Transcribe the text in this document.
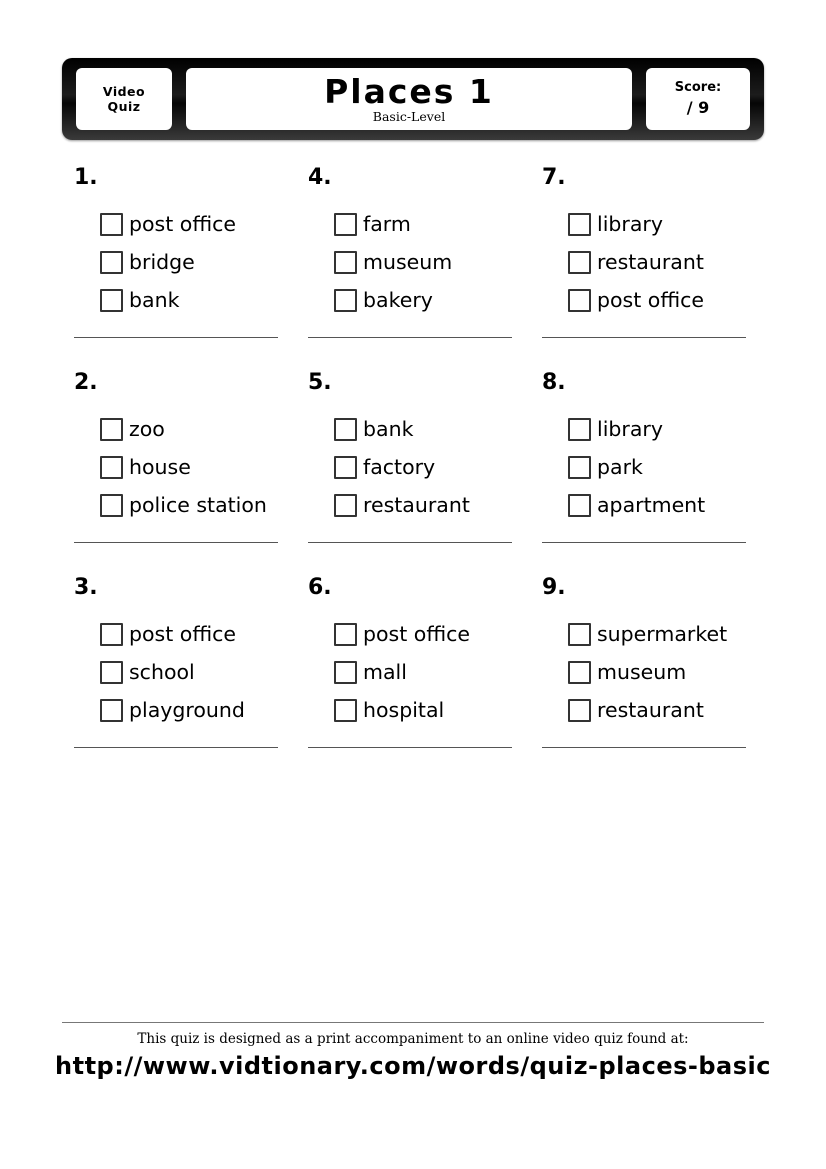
Video
Quiz	Places 1
Basic-Level
Score:
/ 9
1.
post office
bridge
bank
4.
farm
museum
bakery
7.
library
restaurant
post office
2.
zoo
house
police station
5.
bank
factory
restaurant
8.
library
park
apartment
3.
post office
school
playground
6.
post office
mall
hospital
9.
supermarket
museum
restaurant
This quiz is designed as a print accompaniment to an online video quiz found at:
http://www.vidtionary.com/words/quiz-places-basic
